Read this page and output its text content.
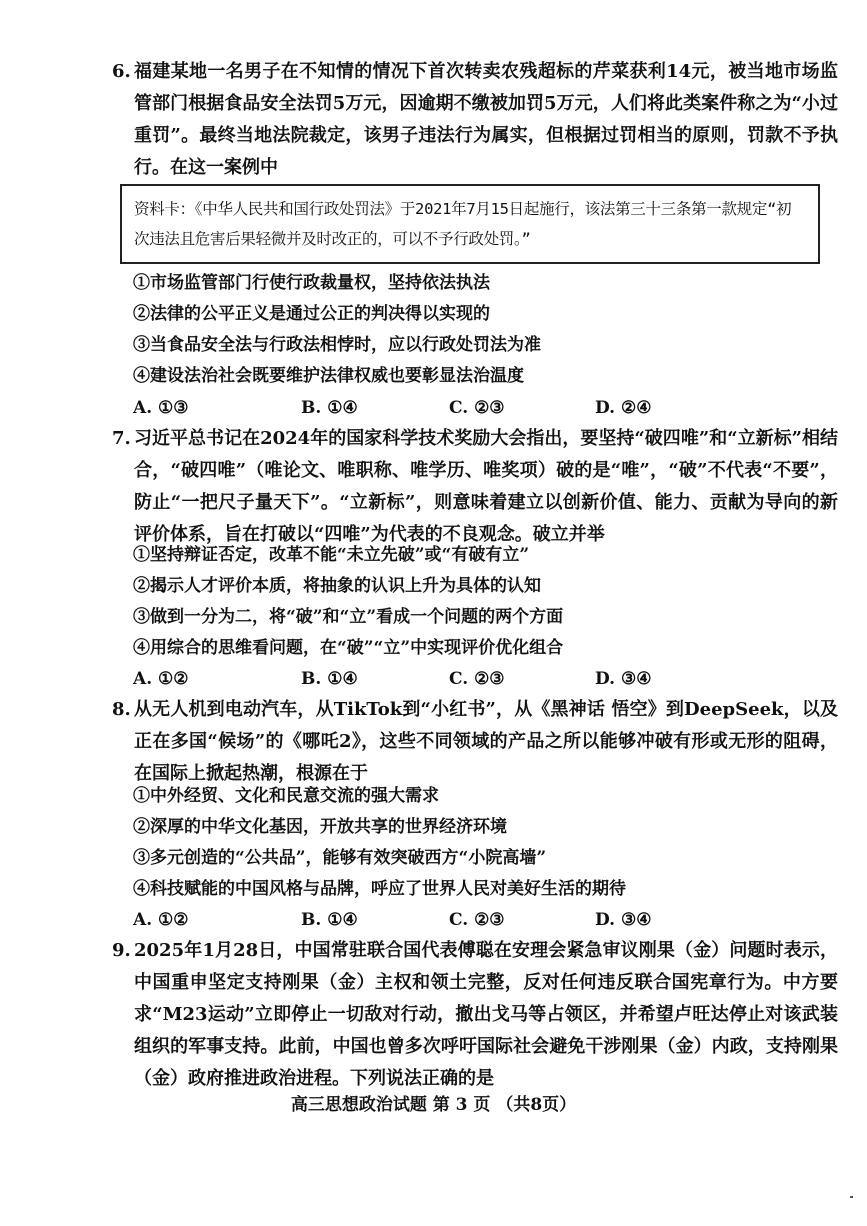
6. 福建某地一名男子在不知情的情况下首次转卖农残超标的芹菜获利14元，被当地市场监管部门根据食品安全法罚5万元，因逾期不缴被加罚5万元，人们将此类案件称之为“小过重罚”。最终当地法院裁定，该男子违法行为属实，但根据过罚相当的原则，罚款不予执行。在这一案例中

资料卡：《中华人民共和国行政处罚法》于2021年7月15日起施行，该法第三十三条第一款规定“初次违法且危害后果轻微并及时改正的，可以不予行政处罚。”

①市场监管部门行使行政裁量权，坚持依法执法

②法律的公平正义是通过公正的判决得以实现的

③当食品安全法与行政法相悖时，应以行政处罚法为准

④建设法治社会既要维护法律权威也要彰显法治温度

A. ①③	B. ①④	C. ②③	D. ②④
7. 习近平总书记在2024年的国家科学技术奖励大会指出，要坚持“破四唯”和“立新标”相结合，“破四唯”（唯论文、唯职称、唯学历、唯奖项）破的是“唯”，“破”不代表“不要”，防止“一把尺子量天下”。“立新标”，则意味着建立以创新价值、能力、贡献为导向的新评价体系，旨在打破以“四唯”为代表的不良观念。破立并举

①坚持辩证否定，改革不能“未立先破”或“有破有立”

②揭示人才评价本质，将抽象的认识上升为具体的认知

③做到一分为二，将“破”和“立”看成一个问题的两个方面

④用综合的思维看问题，在“破”“立”中实现评价优化组合

A. ①②	B. ①④	C. ②③	D. ③④
8. 从无人机到电动汽车，从TikTok到“小红书”，从《黑神话 悟空》到DeepSeek，以及正在多国“候场”的《哪吒2》，这些不同领域的产品之所以能够冲破有形或无形的阻碍，在国际上掀起热潮，根源在于

①中外经贸、文化和民意交流的强大需求

②深厚的中华文化基因，开放共享的世界经济环境

③多元创造的“公共品”，能够有效突破西方“小院高墙”

④科技赋能的中国风格与品牌，呼应了世界人民对美好生活的期待

A. ①②	B. ①④	C. ②③	D. ③④
9. 2025年1月28日，中国常驻联合国代表傅聪在安理会紧急审议刚果（金）问题时表示，中国重申坚定支持刚果（金）主权和领土完整，反对任何违反联合国宪章行为。中方要求“M23运动”立即停止一切敌对行动，撤出戈马等占领区，并希望卢旺达停止对该武装组织的军事支持。此前，中国也曾多次呼吁国际社会避免干涉刚果（金）内政，支持刚果（金）政府推进政治进程。下列说法正确的是

高三思想政治试题 第 3 页 （共8页）
